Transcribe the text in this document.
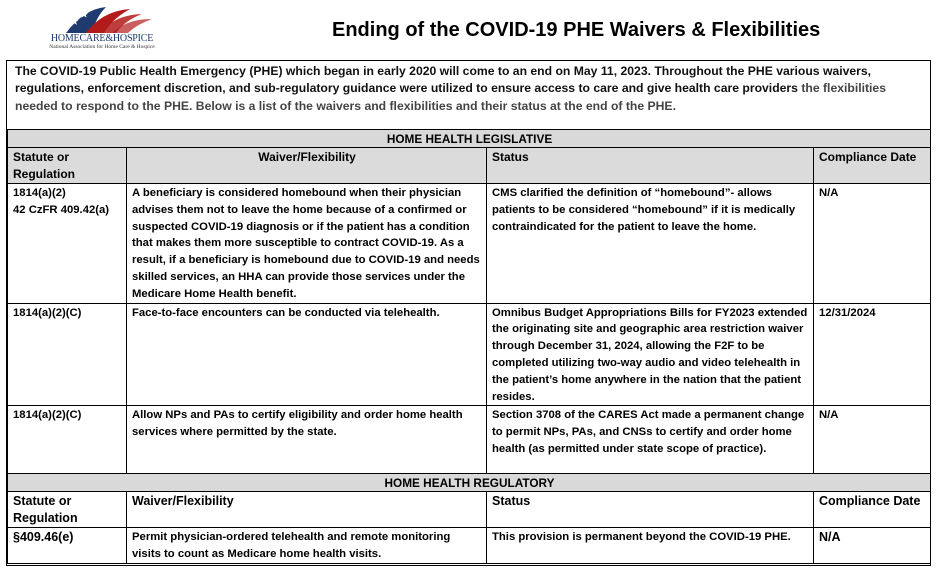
HOMECARE&HOSPICE
National Association for Home Care & Hospice
Ending of the COVID-19 PHE Waivers & Flexibilities
The COVID-19 Public Health Emergency (PHE) which began in early 2020 will come to an end on May 11, 2023. Throughout the PHE various waivers, regulations, enforcement discretion, and sub-regulatory guidance were utilized to ensure access to care and give health care providers the flexibilities needed to respond to the PHE. Below is a list of the waivers and flexibilities and their status at the end of the PHE.
HOME HEALTH LEGISLATIVE			
Statute or Regulation	Waiver/Flexibility	Status	Compliance Date

1814(a)(2)
42 CzFR 409.42(a)	A beneficiary is considered homebound when their physician advises them not to leave the home because of a confirmed or suspected COVID-19 diagnosis or if the patient has a condition that makes them more susceptible to contract COVID-19. As a result, if a beneficiary is homebound due to COVID-19 and needs skilled services, an HHA can provide those services under the Medicare Home Health benefit.	CMS clarified the definition of “homebound”- allows patients to be considered “homebound” if it is medically contraindicated for the patient to leave the home.	N/A
1814(a)(2)(C)	Face-to-face encounters can be conducted via telehealth.	Omnibus Budget Appropriations Bills for FY2023 extended the originating site and geographic area restriction waiver through December 31, 2024, allowing the F2F to be completed utilizing two-way audio and video telehealth in the patient’s home anywhere in the nation that the patient resides.	12/31/2024
1814(a)(2)(C)	Allow NPs and PAs to certify eligibility and order home health services where permitted by the state.	Section 3708 of the CARES Act made a permanent change to permit NPs, PAs, and CNSs to certify and order home health (as permitted under state scope of practice).	N/A
HOME HEALTH REGULATORY			
Statute or Regulation	Waiver/Flexibility	Status	Compliance Date
§409.46(e)	Permit physician-ordered telehealth and remote monitoring visits to count as Medicare home health visits.	This provision is permanent beyond the COVID-19 PHE.	N/A
